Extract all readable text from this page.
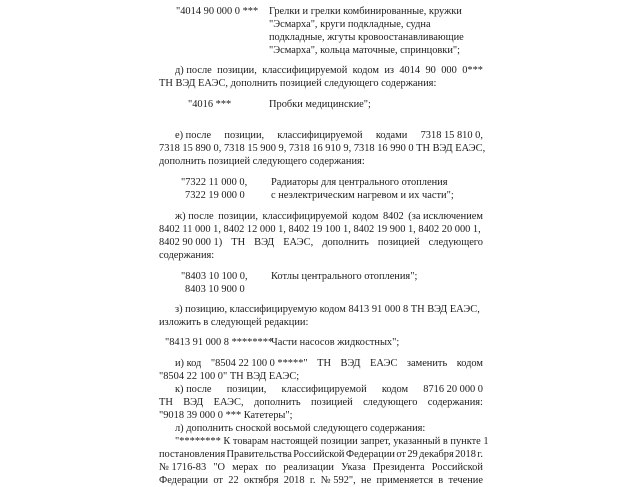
"4014 90 000 0 *** Грелки и грелки комбинированные, кружки
"Эсмарха", круги подкладные, судна
подкладные, жгуты кровоостанавливающие
"Эсмарха", кольца маточные, спринцовки";
д) после позиции, классифицируемой кодом из 4014 90 000 0***
ТН ВЭД ЕАЭС, дополнить позицией следующего содержания:
"4016 ***	Пробки медицинские";
е) после позиции, классифицируемой кодами 7318 15 810 0,
7318 15 890 0, 7318 15 900 9, 7318 16 910 9, 7318 16 990 0 ТН ВЭД ЕАЭС,
дополнить позицией следующего содержания:
"7322 11 000 0,
7322 19 000 0
Радиаторы для центрального отопления
с неэлектрическим нагревом и их части";
ж) после позиции, классифицируемой кодом 8402 (за исключением
8402 11 000 1, 8402 12 000 1, 8402 19 100 1, 8402 19 900 1, 8402 20 000 1,
8402 90 000 1) ТН ВЭД ЕАЭС, дополнить позицией следующего
содержания:
"8403 10 100 0,
8403 10 900 0
Котлы центрального отопления";
з) позицию, классифицируемую кодом 8413 91 000 8 ТН ВЭД ЕАЭС,
изложить в следующей редакции:
"8413 91 000 8 ********
Части насосов жидкостных";
и) код "8504 22 100 0 *****" ТН ВЭД ЕАЭС заменить кодом
"8504 22 100 0" ТН ВЭД ЕАЭС;
к) после позиции, классифицируемой кодом 8716 20 000 0
ТН ВЭД ЕАЭС, дополнить позицией следующего содержания:
"9018 39 000 0 *** Катетеры";
л) дополнить сноской восьмой следующего содержания:
"******** К товарам настоящей позиции запрет, указанный в пункте 1
постановления Правительства Российской Федерации от 29 декабря 2018 г.
№ 1716-83 "О мерах по реализации Указа Президента Российской
Федерации от 22 октября 2018 г. № 592", не применяется в течение
